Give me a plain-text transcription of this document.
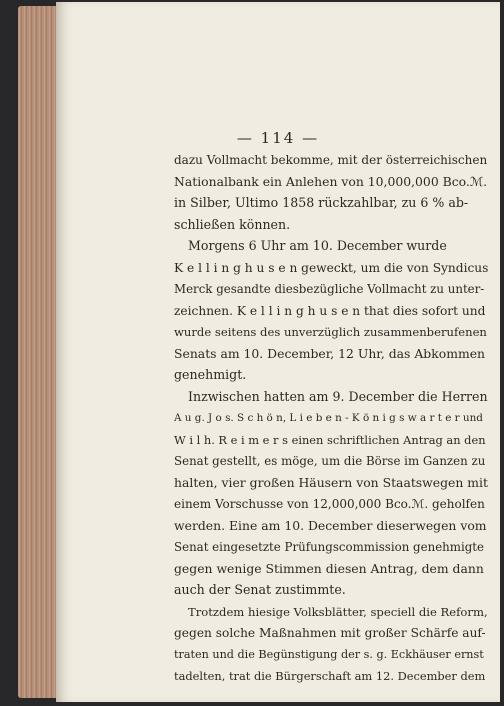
— 114 —
dazu Vollmacht bekomme, mit der österreichischen
Nationalbank ein Anlehen von 10,000,000 Bco.ℳ.
in Silber, Ultimo 1858 rückzahlbar, zu 6 % ab-
schließen können.
Morgens 6 Uhr am 10. December wurde
K e l l i n g h u s e n geweckt, um die von Syndicus
Merck gesandte diesbezügliche Vollmacht zu unter-
zeichnen. K e l l i n g h u s e n that dies sofort und
wurde seitens des unverzüglich zusammenberufenen
Senats am 10. December, 12 Uhr, das Abkommen
genehmigt.
Inzwischen hatten am 9. December die Herren
A u g. J o s. S c h ö n, L i e b e n - K ö n i g s w a r t e r und
W i l h. R e i m e r s einen schriftlichen Antrag an den
Senat gestellt, es möge, um die Börse im Ganzen zu
halten, vier großen Häusern von Staatswegen mit
einem Vorschusse von 12,000,000 Bco.ℳ. geholfen
werden. Eine am 10. December dieserwegen vom
Senat eingesetzte Prüfungscommission genehmigte
gegen wenige Stimmen diesen Antrag, dem dann
auch der Senat zustimmte.
Trotzdem hiesige Volksblätter, speciell die Reform,
gegen solche Maßnahmen mit großer Schärfe auf-
traten und die Begünstigung der s. g. Eckhäuser ernst
tadelten, trat die Bürgerschaft am 12. December dem
